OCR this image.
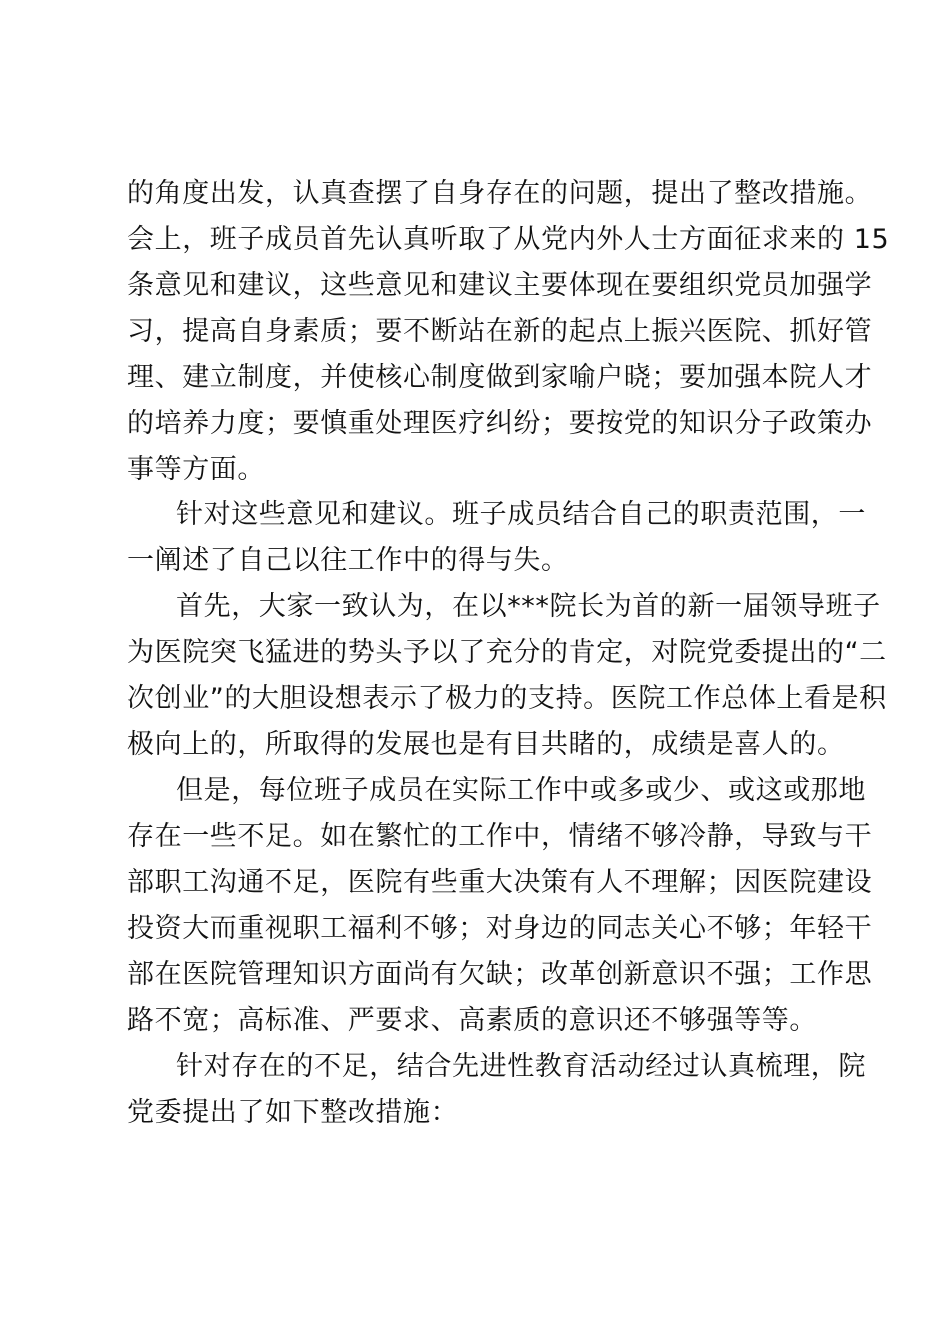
的角度出发，认真查摆了自身存在的问题，提出了整改措施。
会上，班子成员首先认真听取了从党内外人士方面征求来的 15
条意见和建议，这些意见和建议主要体现在要组织党员加强学
习，提高自身素质；要不断站在新的起点上振兴医院、抓好管
理、建立制度，并使核心制度做到家喻户晓；要加强本院人才
的培养力度；要慎重处理医疗纠纷；要按党的知识分子政策办
事等方面。
针对这些意见和建议。班子成员结合自己的职责范围，一
一阐述了自己以往工作中的得与失。
首先，大家一致认为，在以***院长为首的新一届领导班子
为医院突飞猛进的势头予以了充分的肯定，对院党委提出的“二
次创业”的大胆设想表示了极力的支持。医院工作总体上看是积
极向上的，所取得的发展也是有目共睹的，成绩是喜人的。
但是，每位班子成员在实际工作中或多或少、或这或那地
存在一些不足。如在繁忙的工作中，情绪不够冷静，导致与干
部职工沟通不足，医院有些重大决策有人不理解；因医院建设
投资大而重视职工福利不够；对身边的同志关心不够；年轻干
部在医院管理知识方面尚有欠缺；改革创新意识不强；工作思
路不宽；高标准、严要求、高素质的意识还不够强等等。
针对存在的不足，结合先进性教育活动经过认真梳理，院
党委提出了如下整改措施：
